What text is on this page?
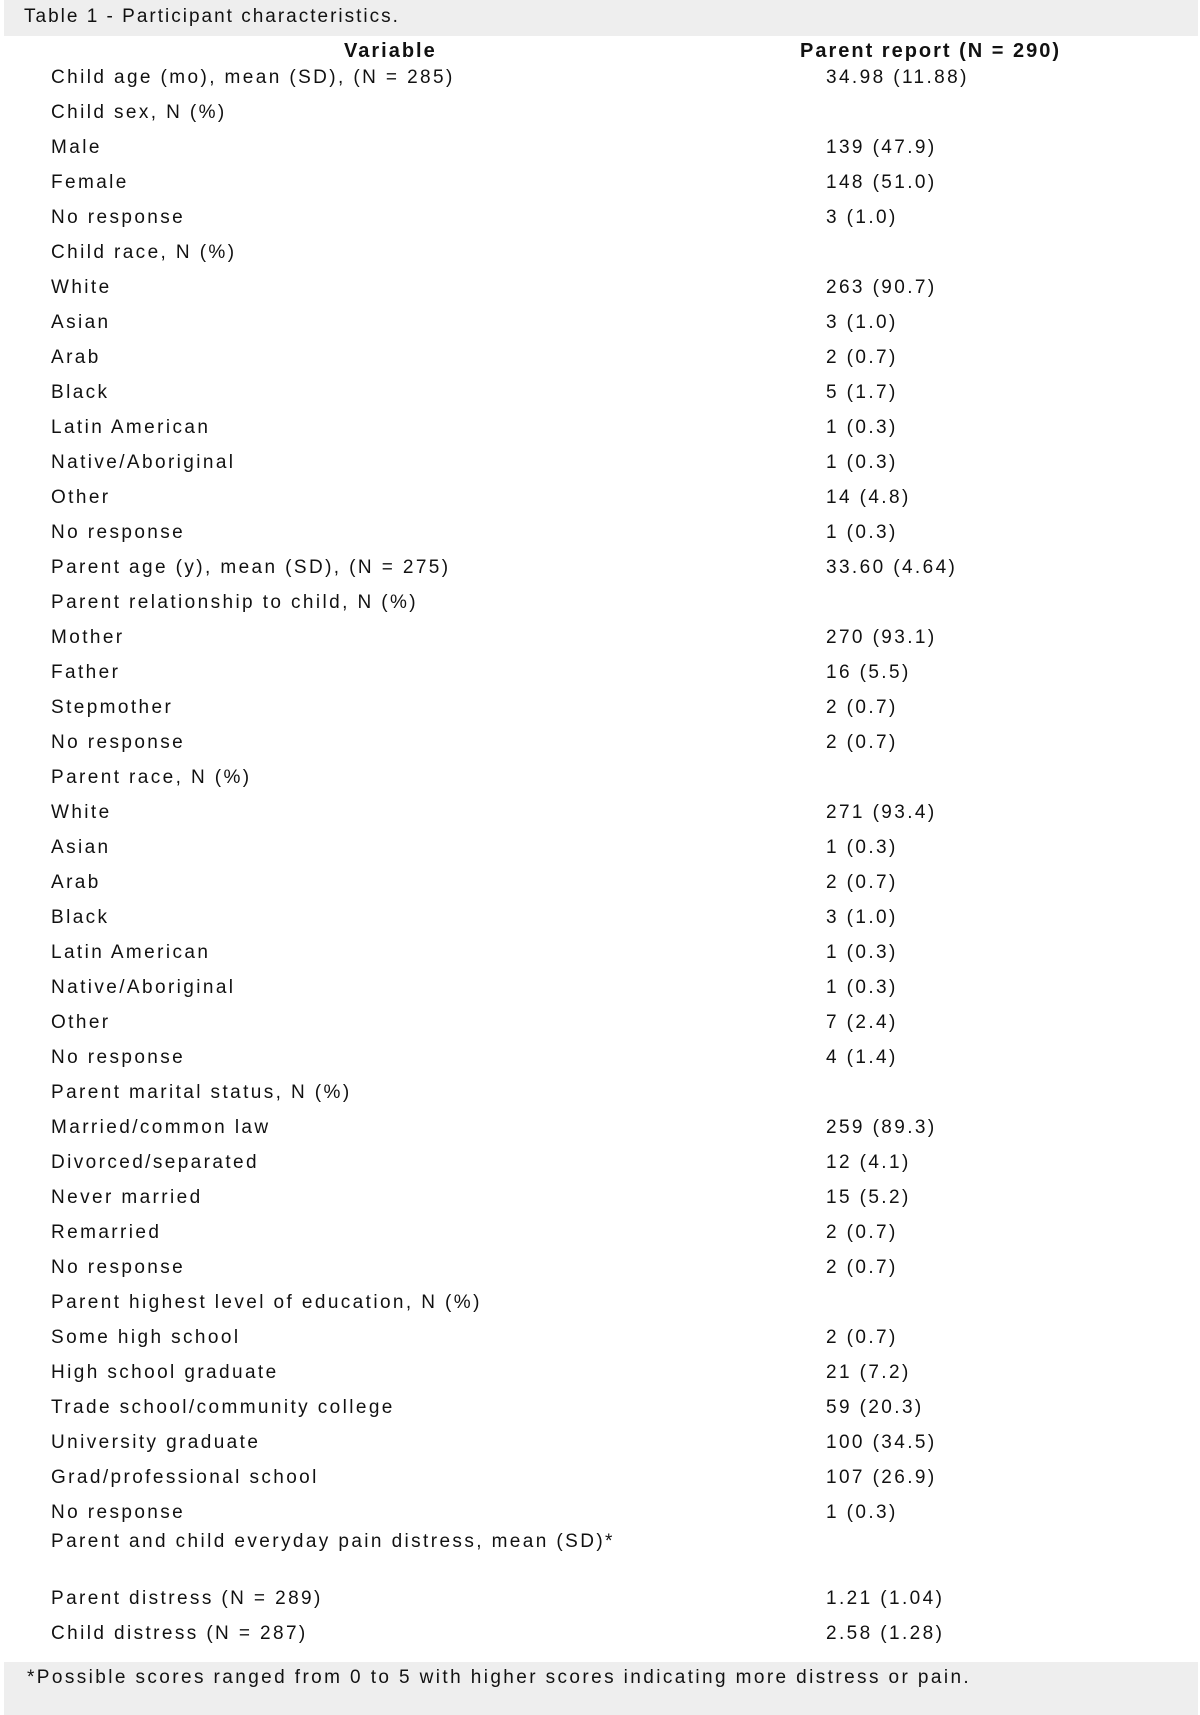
Table 1 - Participant characteristics.
Variable	Parent report (N = 290)
Child age (mo), mean (SD), (N = 285)	34.98 (11.88)
Child sex, N (%)
Male	139 (47.9)
Female	148 (51.0)
No response	3 (1.0)
Child race, N (%)
White	263 (90.7)
Asian	3 (1.0)
Arab	2 (0.7)
Black	5 (1.7)
Latin American	1 (0.3)
Native/Aboriginal	1 (0.3)
Other	14 (4.8)
No response	1 (0.3)
Parent age (y), mean (SD), (N = 275)	33.60 (4.64)
Parent relationship to child, N (%)
Mother	270 (93.1)
Father	16 (5.5)
Stepmother	2 (0.7)
No response	2 (0.7)
Parent race, N (%)
White	271 (93.4)
Asian	1 (0.3)
Arab	2 (0.7)
Black	3 (1.0)
Latin American	1 (0.3)
Native/Aboriginal	1 (0.3)
Other	7 (2.4)
No response	4 (1.4)
Parent marital status, N (%)
Married/common law	259 (89.3)
Divorced/separated	12 (4.1)
Never married	15 (5.2)
Remarried	2 (0.7)
No response	2 (0.7)
Parent highest level of education, N (%)
Some high school	2 (0.7)
High school graduate	21 (7.2)
Trade school/community college	59 (20.3)
University graduate	100 (34.5)
Grad/professional school	107 (26.9)
No response	1 (0.3)
Parent and child everyday pain distress, mean (SD)*
Parent distress (N = 289)	1.21 (1.04)
Child distress (N = 287)	2.58 (1.28)
*Possible scores ranged from 0 to 5 with higher scores indicating more distress or pain.
